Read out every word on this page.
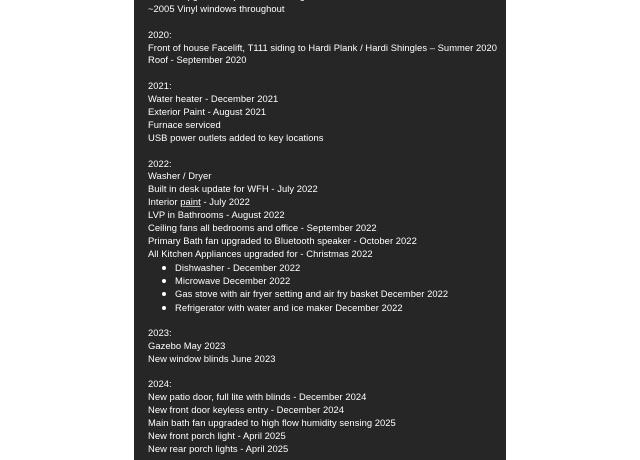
~2005 Vinyl windows throughout
2020:
Front of house Facelift, T111 siding to Hardi Plank / Hardi Shingles – Summer 2020
Roof - September 2020
2021:
Water heater - December 2021
Exterior Paint - August 2021
Furnace serviced
USB power outlets added to key locations
2022:
Washer / Dryer
Built in desk update for WFH - July 2022
Interior paint - July 2022
LVP in Bathrooms - August 2022
Ceiling fans all bedrooms and office - September 2022
Primary Bath fan upgraded to Bluetooth speaker - October 2022
All Kitchen Appliances upgraded for - Christmas 2022
Dishwasher - December 2022
Microwave December 2022
Gas stove with air fryer setting and air fry basket December 2022
Refrigerator with water and ice maker December 2022
2023:
Gazebo May 2023
New window blinds June 2023
2024:
New patio door, full lite with blinds - December 2024
New front door keyless entry - December 2024
Main bath fan upgraded to high flow humidity sensing 2025
New front porch light - April 2025
New rear porch lights - April 2025
